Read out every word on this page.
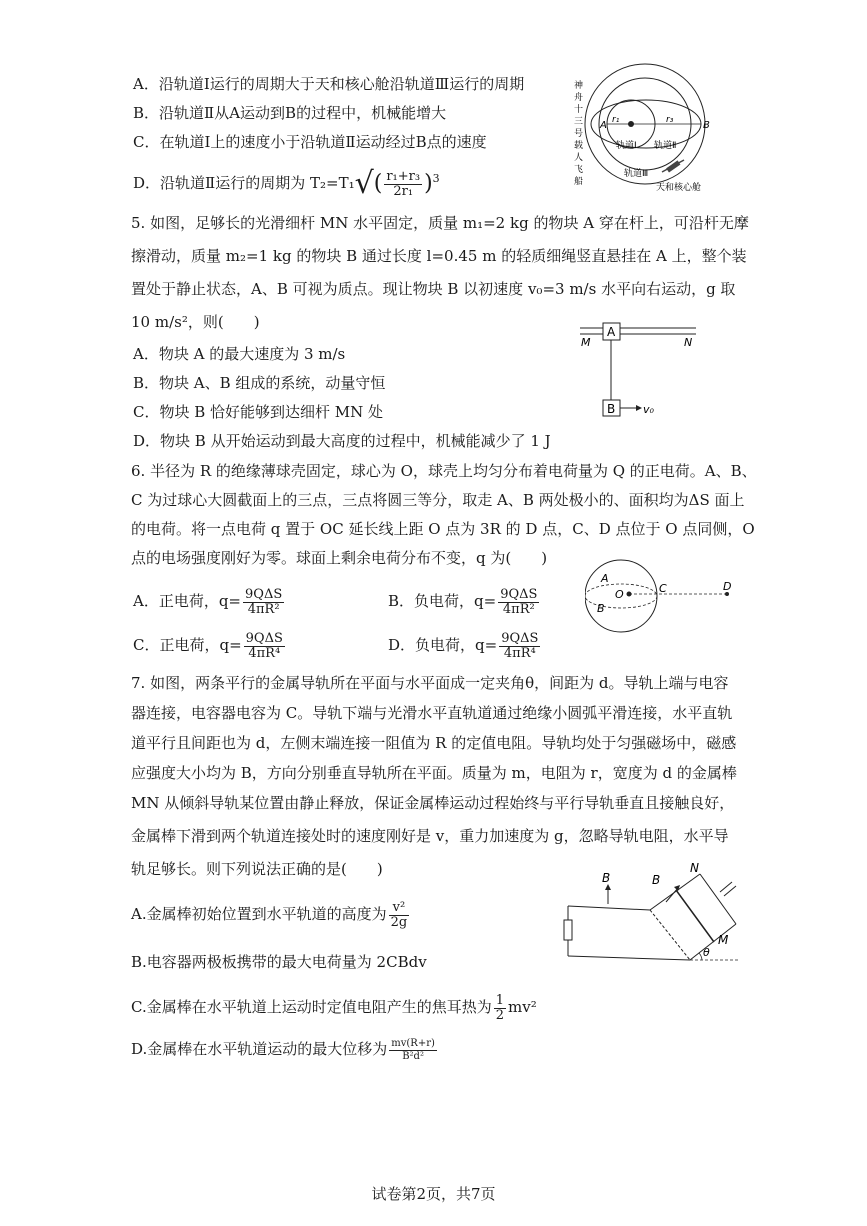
A．沿轨道Ⅰ运行的周期大于天和核心舱沿轨道Ⅲ运行的周期
B．沿轨道Ⅱ从A运动到B的过程中，机械能增大
C．在轨道Ⅰ上的速度小于沿轨道Ⅱ运动经过B点的速度
D．沿轨道Ⅱ运行的周期为 $T_2=T_1√( \frac{\text{r₁+r₃}}{\text{2r₁}} )^3$
神
舟
十
三
号
载
人
飞
船
r₁	r₃
A	B
轨道Ⅰ 轨道Ⅱ
轨道Ⅲ
天和核心舱
5. 如图，足够长的光滑细杆 MN 水平固定，质量 m₁=2 kg 的物块 A 穿在杆上，可沿杆无摩
擦滑动，质量 m₂=1 kg 的物块 B 通过长度 l=0.45 m 的轻质细绳竖直悬挂在 A 上，整个装
置处于静止状态，A、B 可视为质点。现让物块 B 以初速度 v₀=3 m/s 水平向右运动，g 取
10 m/s²，则(　　)
A．物块 A 的最大速度为 3 m/s
B．物块 A、B 组成的系统，动量守恒
C．物块 B 恰好能够到达细杆 MN 处
D．物块 B 从开始运动到最大高度的过程中，机械能减少了 1 J
A
M	N
B	v₀
6. 半径为 R 的绝缘薄球壳固定，球心为 O，球壳上均匀分布着电荷量为 Q 的正电荷。A、B、
C 为过球心大圆截面上的三点，三点将圆三等分，取走 A、B 两处极小的、面积均为ΔS 面上
的电荷。将一点电荷 q 置于 OC 延长线上距 O 点为 3R 的 D 点，C、D 点位于 O 点同侧，O
点的电场强度刚好为零。球面上剩余电荷分布不变，q 为(　　)
A．正电荷，$q= \frac{\text{9QΔS}}{\text{4πR²}}$	B．负电荷，$q= \frac{\text{9QΔS}}{\text{4πR²}}$
C．正电荷，$q= \frac{\text{9QΔS}}{\text{4πR⁴}}$	D．负电荷，$q= \frac{\text{9QΔS}}{\text{4πR⁴}}$
A
B
O	C	D
7. 如图，两条平行的金属导轨所在平面与水平面成一定夹角θ，间距为 d。导轨上端与电容
器连接，电容器电容为 C。导轨下端与光滑水平直轨道通过绝缘小圆弧平滑连接，水平直轨
道平行且间距也为 d，左侧末端连接一阻值为 R 的定值电阻。导轨均处于匀强磁场中，磁感
应强度大小均为 B，方向分别垂直导轨所在平面。质量为 m，电阻为 r，宽度为 d 的金属棒
MN 从倾斜导轨某位置由静止释放，保证金属棒运动过程始终与平行导轨垂直且接触良好，
金属棒下滑到两个轨道连接处时的速度刚好是 v，重力加速度为 g，忽略导轨电阻，水平导
轨足够长。则下列说法正确的是(　　)
A.金属棒初始位置到水平轨道的高度为 $\frac{\text{v²}}{2g}$
B.电容器两极板携带的最大电荷量为 2CBdv
C.金属棒在水平轨道上运动时定值电阻产生的焦耳热为 $\frac{1}{2} mv^2$
D.金属棒在水平轨道运动的最大位移为 $\frac{mv(R+r)}{\text{B²d²}}$
B	B
N
M
θ
试卷第2页，共7页
